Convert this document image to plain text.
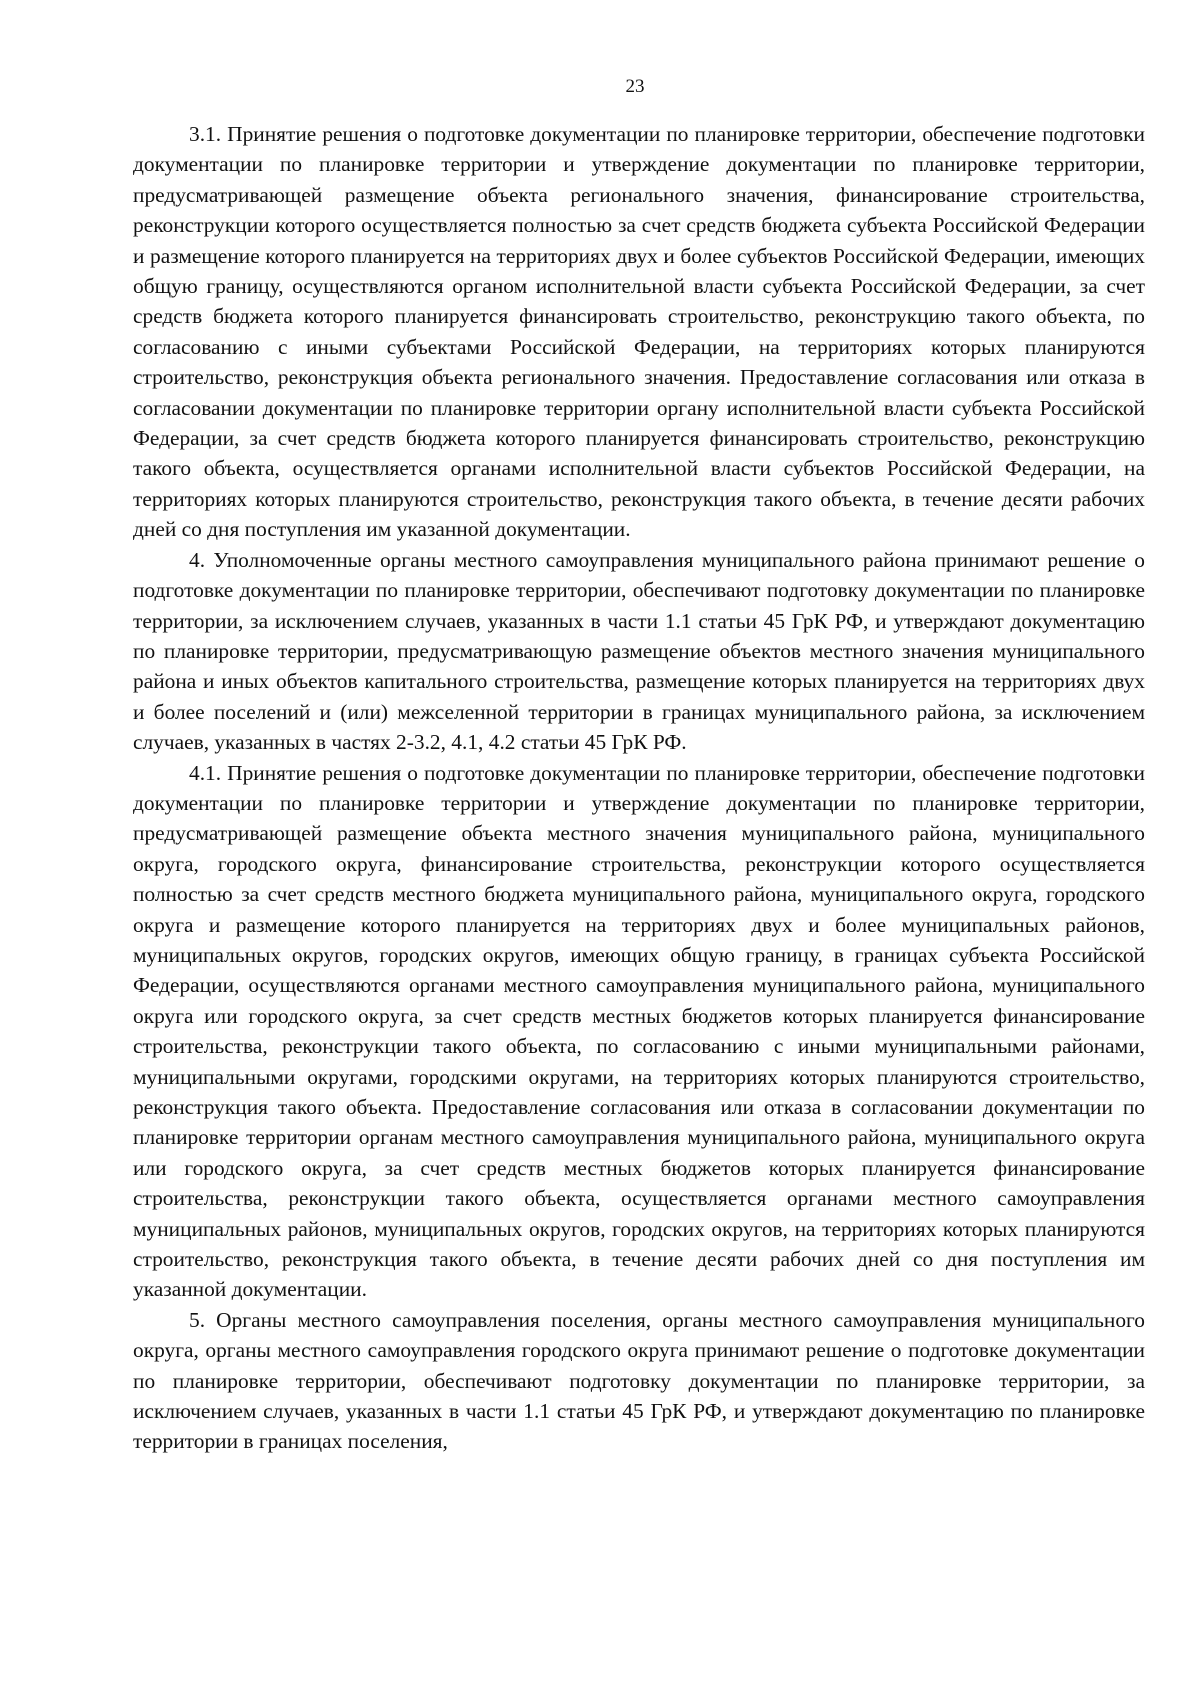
23

3.1. Принятие решения о подготовке документации по планировке территории, обеспечение подготовки документации по планировке территории и утверждение документации по планировке территории, предусматривающей размещение объекта регионального значения, финансирование строительства, реконструкции которого осуществляется полностью за счет средств бюджета субъекта Российской Федерации и размещение которого планируется на территориях двух и более субъектов Российской Федерации, имеющих общую границу, осуществляются органом исполнительной власти субъекта Российской Федерации, за счет средств бюджета которого планируется финансировать строительство, реконструкцию такого объекта, по согласованию с иными субъектами Российской Федерации, на территориях которых планируются строительство, реконструкция объекта регионального значения. Предоставление согласования или отказа в согласовании документации по планировке территории органу исполнительной власти субъекта Российской Федерации, за счет средств бюджета которого планируется финансировать строительство, реконструкцию такого объекта, осуществляется органами исполнительной власти субъектов Российской Федерации, на территориях которых планируются строительство, реконструкция такого объекта, в течение десяти рабочих дней со дня поступления им указанной документации.

4. Уполномоченные органы местного самоуправления муниципального района принимают решение о подготовке документации по планировке территории, обеспечивают подготовку документации по планировке территории, за исключением случаев, указанных в части 1.1 статьи 45 ГрК РФ, и утверждают документацию по планировке территории, предусматривающую размещение объектов местного значения муниципального района и иных объектов капитального строительства, размещение которых планируется на территориях двух и более поселений и (или) межселенной территории в границах муниципального района, за исключением случаев, указанных в частях 2-3.2, 4.1, 4.2 статьи 45 ГрК РФ.

4.1. Принятие решения о подготовке документации по планировке территории, обеспечение подготовки документации по планировке территории и утверждение документации по планировке территории, предусматривающей размещение объекта местного значения муниципального района, муниципального округа, городского округа, финансирование строительства, реконструкции которого осуществляется полностью за счет средств местного бюджета муниципального района, муниципального округа, городского округа и размещение которого планируется на территориях двух и более муниципальных районов, муниципальных округов, городских округов, имеющих общую границу, в границах субъекта Российской Федерации, осуществляются органами местного самоуправления муниципального района, муниципального округа или городского округа, за счет средств местных бюджетов которых планируется финансирование строительства, реконструкции такого объекта, по согласованию с иными муниципальными районами, муниципальными округами, городскими округами, на территориях которых планируются строительство, реконструкция такого объекта. Предоставление согласования или отказа в согласовании документации по планировке территории органам местного самоуправления муниципального района, муниципального округа или городского округа, за счет средств местных бюджетов которых планируется финансирование строительства, реконструкции такого объекта, осуществляется органами местного самоуправления муниципальных районов, муниципальных округов, городских округов, на территориях которых планируются строительство, реконструкция такого объекта, в течение десяти рабочих дней со дня поступления им указанной документации.

5. Органы местного самоуправления поселения, органы местного самоуправления муниципального округа, органы местного самоуправления городского округа принимают решение о подготовке документации по планировке территории, обеспечивают подготовку документации по планировке территории, за исключением случаев, указанных в части 1.1 статьи 45 ГрК РФ, и утверждают документацию по планировке территории в границах поселения,
